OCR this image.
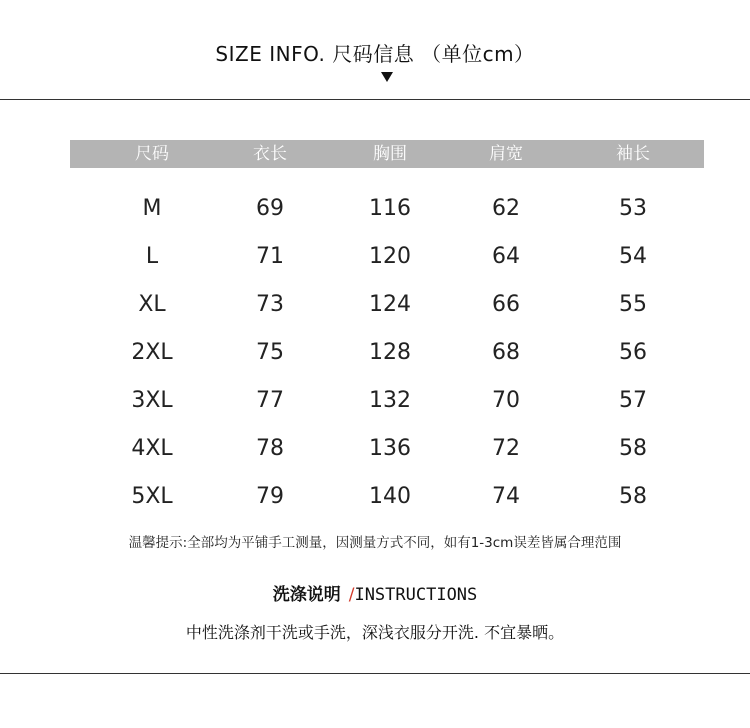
SIZE INFO. 尺码信息 （单位cm）
尺码	衣长	胸围	肩宽	袖长
M	69	116	62	53
L	71	120	64	54
XL	73	124	66	55
2XL	75	128	68	56
3XL	77	132	70	57
4XL	78	136	72	58
5XL	79	140	74	58
温馨提示:全部均为平铺手工测量，因测量方式不同，如有1-3cm误差皆属合理范围
洗涤说明 /INSTRUCTIONS
中性洗涤剂干洗或手洗，深浅衣服分开洗. 不宜暴晒。
